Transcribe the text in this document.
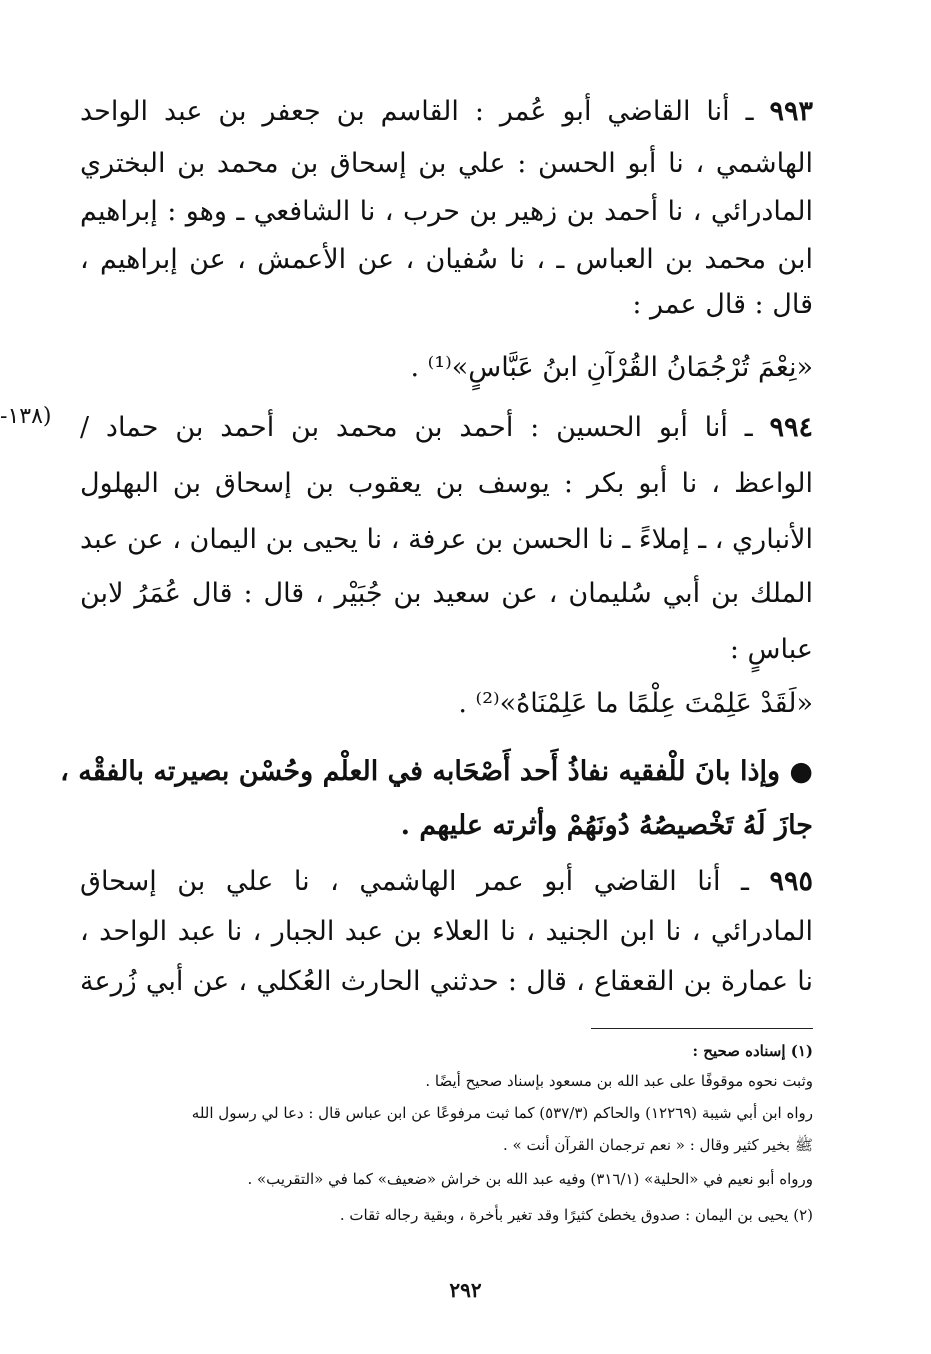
٩٩٣ ـ أنا القاضي أبو عُمر : القاسم بن جعفر بن عبد الواحد
الهاشمي ، نا أبو الحسن : علي بن إسحاق بن محمد بن البختري
المادرائي ، نا أحمد بن زهير بن حرب ، نا الشافعي ـ وهو : إبراهيم
ابن محمد بن العباس ـ ، نا سُفيان ، عن الأعمش ، عن إبراهيم ،
قال : قال عمر :
«نِعْمَ تُرْجُمَانُ القُرْآنِ ابنُ عَبَّاسٍ»⁽¹⁾ .
(١٣٨-	٩٩٤ ـ أنا أبو الحسين : أحمد بن محمد بن أحمد بن حماد /
الواعظ ، نا أبو بكر : يوسف بن يعقوب بن إسحاق بن البهلول
الأنباري ، ـ إملاءً ـ نا الحسن بن عرفة ، نا يحيى بن اليمان ، عن عبد
الملك بن أبي سُليمان ، عن سعيد بن جُبَيْر ، قال : قال عُمَرُ لابن
عباسٍ :
«لَقَدْ عَلِمْتَ عِلْمًا ما عَلِمْنَاهُ»⁽²⁾ .
● وإذا بانَ للْفقيه نفاذُ أَحد أَصْحَابه في العلْم وحُسْن بصيرته بالفقْه ،
جازَ لَهُ تَخْصيصُهُ دُونَهُمْ وأثرته عليهم .
٩٩٥ ـ أنا القاضي أبو عمر الهاشمي ، نا علي بن إسحاق
المادرائي ، نا ابن الجنيد ، نا العلاء بن عبد الجبار ، نا عبد الواحد ،
نا عمارة بن القعقاع ، قال : حدثني الحارث العُكلي ، عن أبي زُرعة
(١) إسناده صحيح :
وثبت نحوه موقوفًا على عبد الله بن مسعود بإسناد صحيح أيضًا .
رواه ابن أبي شيبة (١٢٢٦٩) والحاكم (٥٣٧/٣) كما ثبت مرفوعًا عن ابن عباس قال : دعا لي رسول الله
ﷺ بخير كثير وقال : « نعم ترجمان القرآن أنت » .
ورواه أبو نعيم في «الحلية» (٣١٦/١) وفيه عبد الله بن خراش «ضعيف» كما في «التقريب» .
(٢) يحيى بن اليمان : صدوق يخطئ كثيرًا وقد تغير بأخرة ، وبقية رجاله ثقات .
٢٩٢
